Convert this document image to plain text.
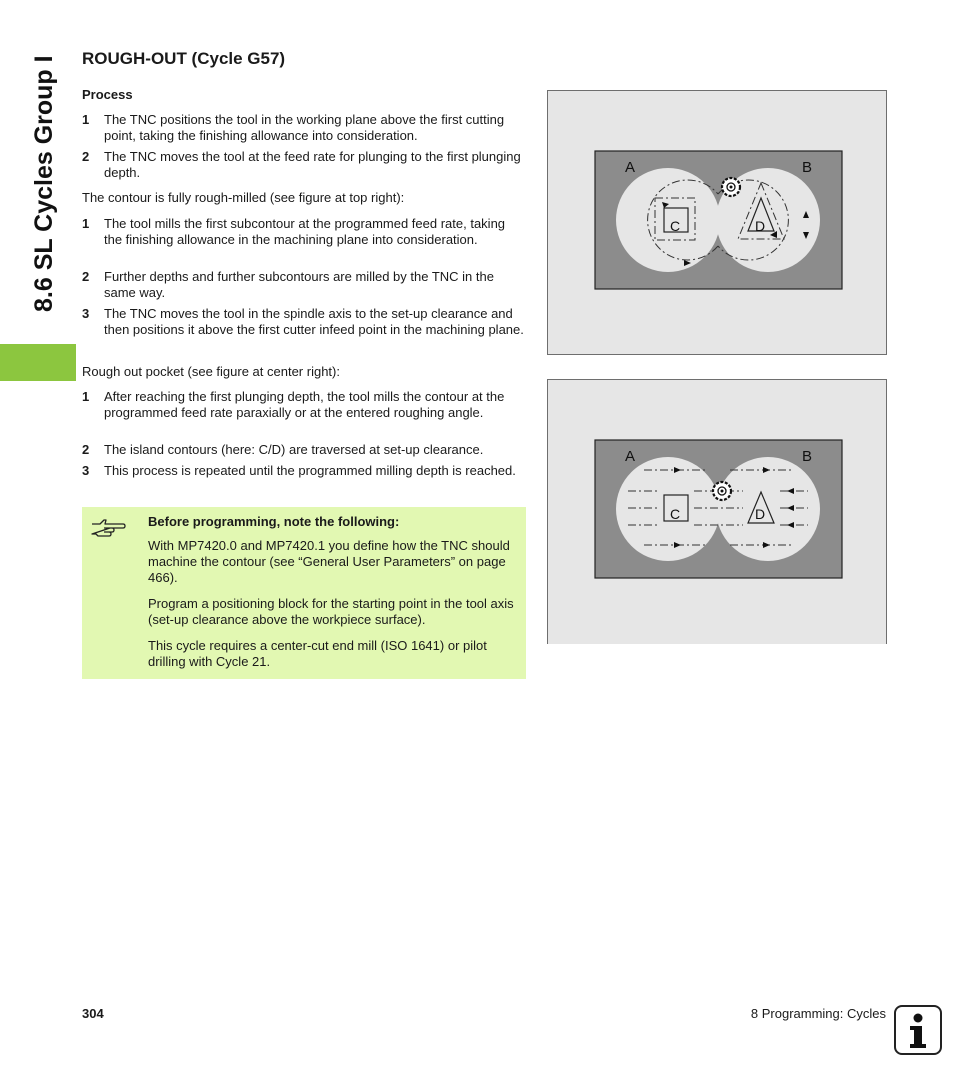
8.6 SL Cycles Group I ROUGH-OUT (Cycle G57)
Process
1	The TNC positions the tool in the working plane above the first cutting point, taking the finishing allowance into consideration.
2	The TNC moves the tool at the feed rate for plunging to the first plunging depth.

The contour is fully rough-milled (see figure at top right):

1	The tool mills the first subcontour at the programmed feed rate, taking the finishing allowance in the machining plane into consideration.
2	Further depths and further subcontours are milled by the TNC in the same way.
3	The TNC moves the tool in the spindle axis to the set-up clearance and then positions it above the first cutter infeed point in the machining plane.

Rough out pocket (see figure at center right):

1	After reaching the first plunging depth, the tool mills the contour at the programmed feed rate paraxially or at the entered roughing angle.
2	The island contours (here: C/D) are traversed at set-up clearance.
3	This process is repeated until the programmed milling depth is reached.
Before programming, note the following:

With MP7420.0 and MP7420.1 you define how the TNC should machine the contour (see “General User Parameters” on page 466).

Program a positioning block for the starting point in the tool axis (set-up clearance above the workpiece surface).

This cycle requires a center-cut end mill (ISO 1641) or pilot drilling with Cycle 21.

A	B
C	D
A	B
C	D
304	8 Programming: Cycles
